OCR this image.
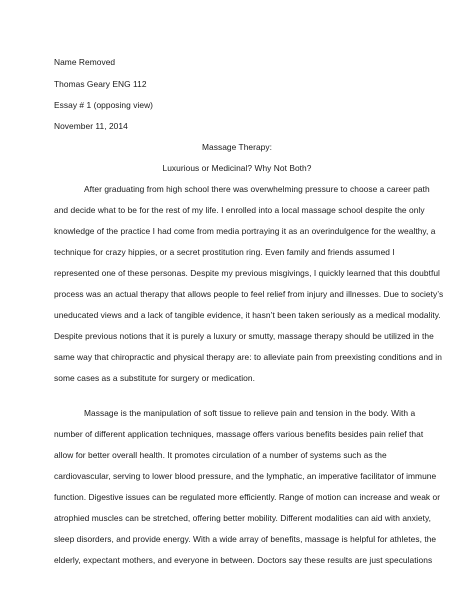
Name Removed
Thomas Geary ENG 112
Essay # 1 (opposing view)
November 11, 2014
Massage Therapy:
Luxurious or Medicinal? Why Not Both?
After graduating from high school there was overwhelming pressure to choose a career path
and decide what to be for the rest of my life. I enrolled into a local massage school despite the only
knowledge of the practice I had come from media portraying it as an overindulgence for the wealthy, a
technique for crazy hippies, or a secret prostitution ring. Even family and friends assumed I
represented one of these personas. Despite my previous misgivings, I quickly learned that this doubtful
process was an actual therapy that allows people to feel relief from injury and illnesses. Due to society’s
uneducated views and a lack of tangible evidence, it hasn’t been taken seriously as a medical modality.
Despite previous notions that it is purely a luxury or smutty, massage therapy should be utilized in the
same way that chiropractic and physical therapy are: to alleviate pain from preexisting conditions and in
some cases as a substitute for surgery or medication.
Massage is the manipulation of soft tissue to relieve pain and tension in the body. With a
number of different application techniques, massage offers various benefits besides pain relief that
allow for better overall health. It promotes circulation of a number of systems such as the
cardiovascular, serving to lower blood pressure, and the lymphatic, an imperative facilitator of immune
function. Digestive issues can be regulated more efficiently. Range of motion can increase and weak or
atrophied muscles can be stretched, offering better mobility. Different modalities can aid with anxiety,
sleep disorders, and provide energy. With a wide array of benefits, massage is helpful for athletes, the
elderly, expectant mothers, and everyone in between. Doctors say these results are just speculations
